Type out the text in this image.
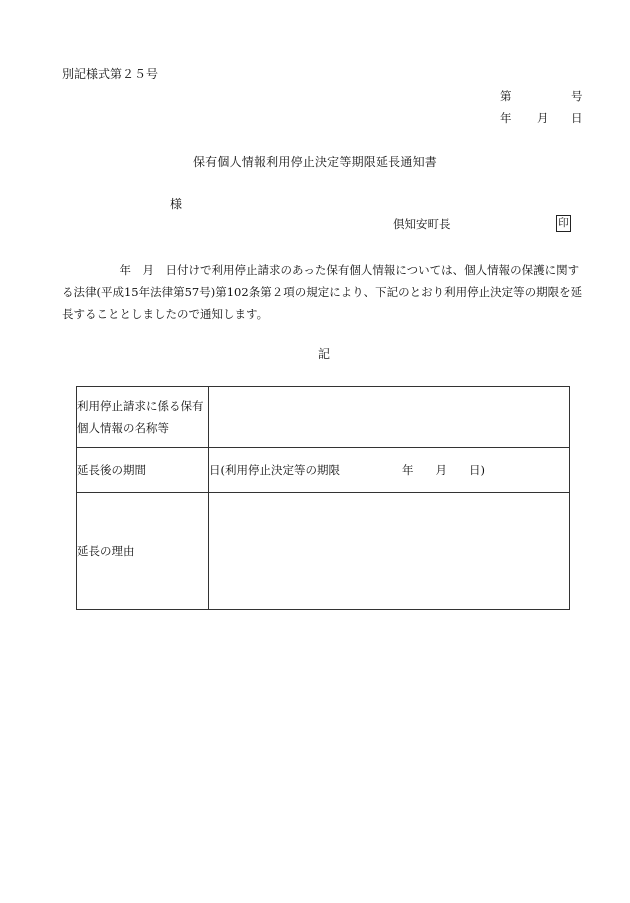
別記様式第２５号
第	号
年 月 日
保有個人情報利用停止決定等期限延長通知書
様
倶知安町長	印
　　　　　年　月　日付けで利用停止請求のあった保有個人情報については、個人情報の保護に関す
る法律(平成15年法律第57号)第102条第２項の規定により、下記のとおり利用停止決定等の期限を延
長することとしましたので通知します。
記
利用停止請求に係る保有
個人情報の名称等	

延長後の期間	日(利用停止決定等の期限 年 月 日)
延長の理由	
